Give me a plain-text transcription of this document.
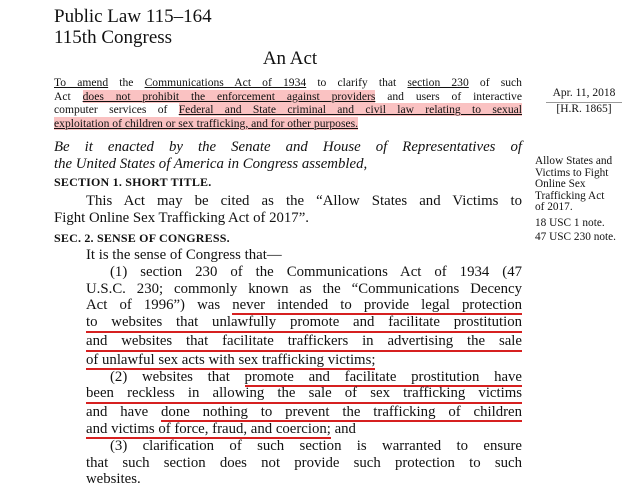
Public Law 115–164
115th Congress
An Act
To amend the Communications Act of 1934 to clarify that section 230 of such
Act does not prohibit the enforcement against providers and users of interactive
computer services of Federal and State criminal and civil law relating to sexual
exploitation of children or sex trafficking, and for other purposes.
Apr. 11, 2018
[H.R. 1865]
Be it enacted by the Senate and House of Representatives of
the United States of America in Congress assembled,
SECTION 1. SHORT TITLE.
This Act may be cited as the “Allow States and Victims to
Fight Online Sex Trafficking Act of 2017”.
Allow States and
Victims to Fight
Online Sex
Trafficking Act
of 2017.
18 USC 1 note.
47 USC 230 note.
SEC. 2. SENSE OF CONGRESS.
It is the sense of Congress that—
(1) section 230 of the Communications Act of 1934 (47
U.S.C. 230; commonly known as the “Communications Decency
Act of 1996”) was never intended to provide legal protection
to websites that unlawfully promote and facilitate prostitution
and websites that facilitate traffickers in advertising the sale
of unlawful sex acts with sex trafficking victims;
(2) websites that promote and facilitate prostitution have
been reckless in allowing the sale of sex trafficking victims
and have done nothing to prevent the trafficking of children
and victims of force, fraud, and coercion; and
(3) clarification of such section is warranted to ensure
that such section does not provide such protection to such
websites.
